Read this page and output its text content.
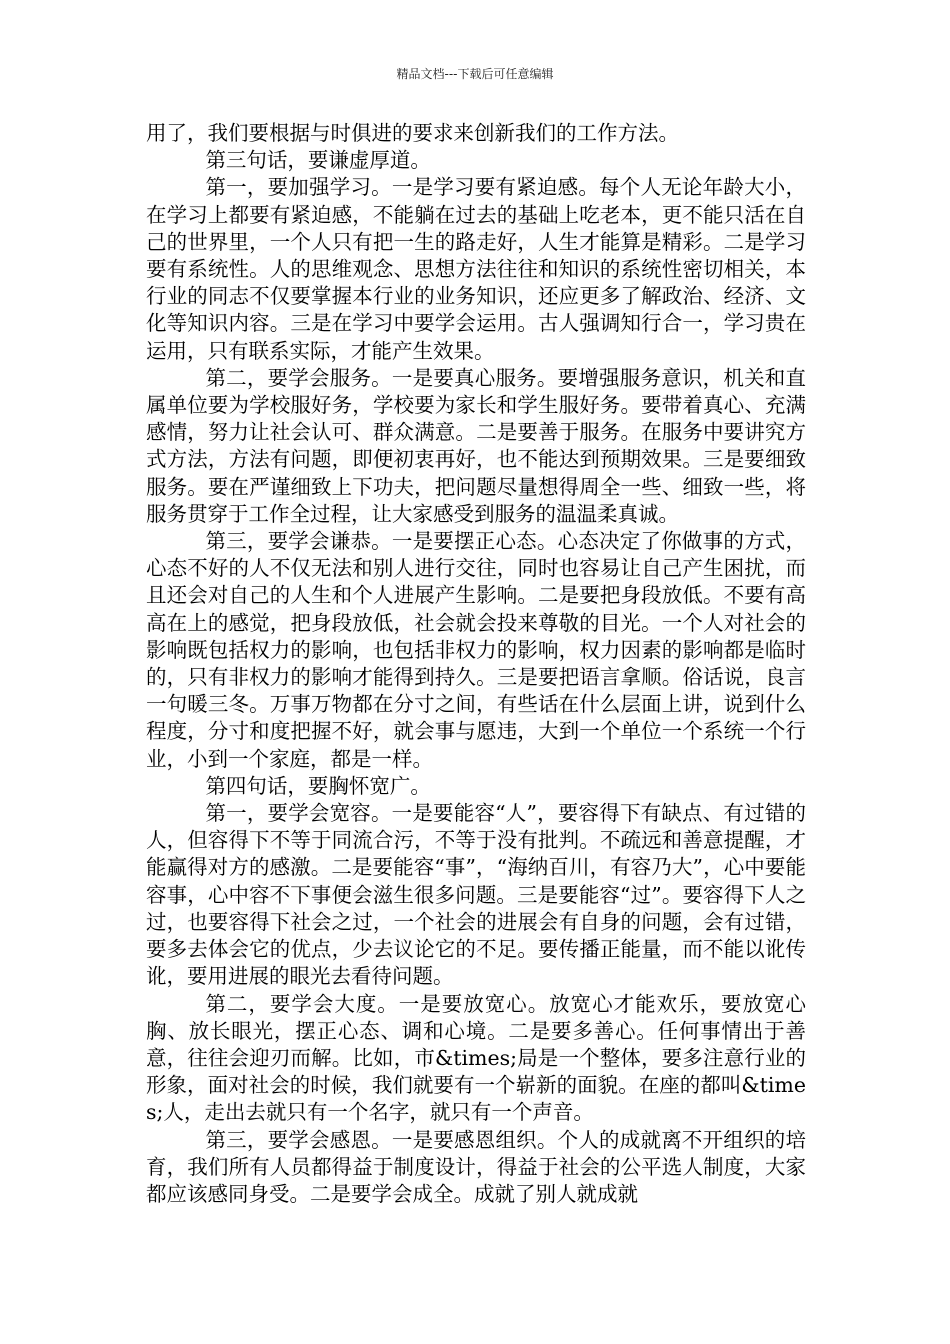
精品文档---下载后可任意编辑

用了，我们要根据与时俱进的要求来创新我们的工作方法。

第三句话，要谦虚厚道。

第一，要加强学习。一是学习要有紧迫感。每个人无论年龄大小，在学习上都要有紧迫感，不能躺在过去的基础上吃老本，更不能只活在自己的世界里，一个人只有把一生的路走好，人生才能算是精彩。二是学习要有系统性。人的思维观念、思想方法往往和知识的系统性密切相关，本行业的同志不仅要掌握本行业的业务知识，还应更多了解政治、经济、文化等知识内容。三是在学习中要学会运用。古人强调知行合一，学习贵在运用，只有联系实际，才能产生效果。

第二，要学会服务。一是要真心服务。要增强服务意识，机关和直属单位要为学校服好务，学校要为家长和学生服好务。要带着真心、充满感情，努力让社会认可、群众满意。二是要善于服务。在服务中要讲究方式方法，方法有问题，即便初衷再好，也不能达到预期效果。三是要细致服务。要在严谨细致上下功夫，把问题尽量想得周全一些、细致一些，将服务贯穿于工作全过程，让大家感受到服务的温温柔真诚。

第三，要学会谦恭。一是要摆正心态。心态决定了你做事的方式，心态不好的人不仅无法和别人进行交往，同时也容易让自己产生困扰，而且还会对自己的人生和个人进展产生影响。二是要把身段放低。不要有高高在上的感觉，把身段放低，社会就会投来尊敬的目光。一个人对社会的影响既包括权力的影响，也包括非权力的影响，权力因素的影响都是临时的，只有非权力的影响才能得到持久。三是要把语言拿顺。俗话说，良言一句暖三冬。万事万物都在分寸之间，有些话在什么层面上讲，说到什么程度，分寸和度把握不好，就会事与愿违，大到一个单位一个系统一个行业，小到一个家庭，都是一样。

第四句话，要胸怀宽广。

第一，要学会宽容。一是要能容“人”，要容得下有缺点、有过错的人，但容得下不等于同流合污，不等于没有批判。不疏远和善意提醒，才能赢得对方的感激。二是要能容“事”，“海纳百川，有容乃大”，心中要能容事，心中容不下事便会滋生很多问题。三是要能容“过”。要容得下人之过，也要容得下社会之过，一个社会的进展会有自身的问题，会有过错，要多去体会它的优点，少去议论它的不足。要传播正能量，而不能以讹传讹，要用进展的眼光去看待问题。

第二，要学会大度。一是要放宽心。放宽心才能欢乐，要放宽心胸、放长眼光，摆正心态、调和心境。二是要多善心。任何事情出于善意，往往会迎刃而解。比如，市&times;局是一个整体，要多注意行业的形象，面对社会的时候，我们就要有一个崭新的面貌。在座的都叫&times;人，走出去就只有一个名字，就只有一个声音。

第三，要学会感恩。一是要感恩组织。个人的成就离不开组织的培育，我们所有人员都得益于制度设计，得益于社会的公平选人制度，大家都应该感同身受。二是要学会成全。成就了别人就成就
